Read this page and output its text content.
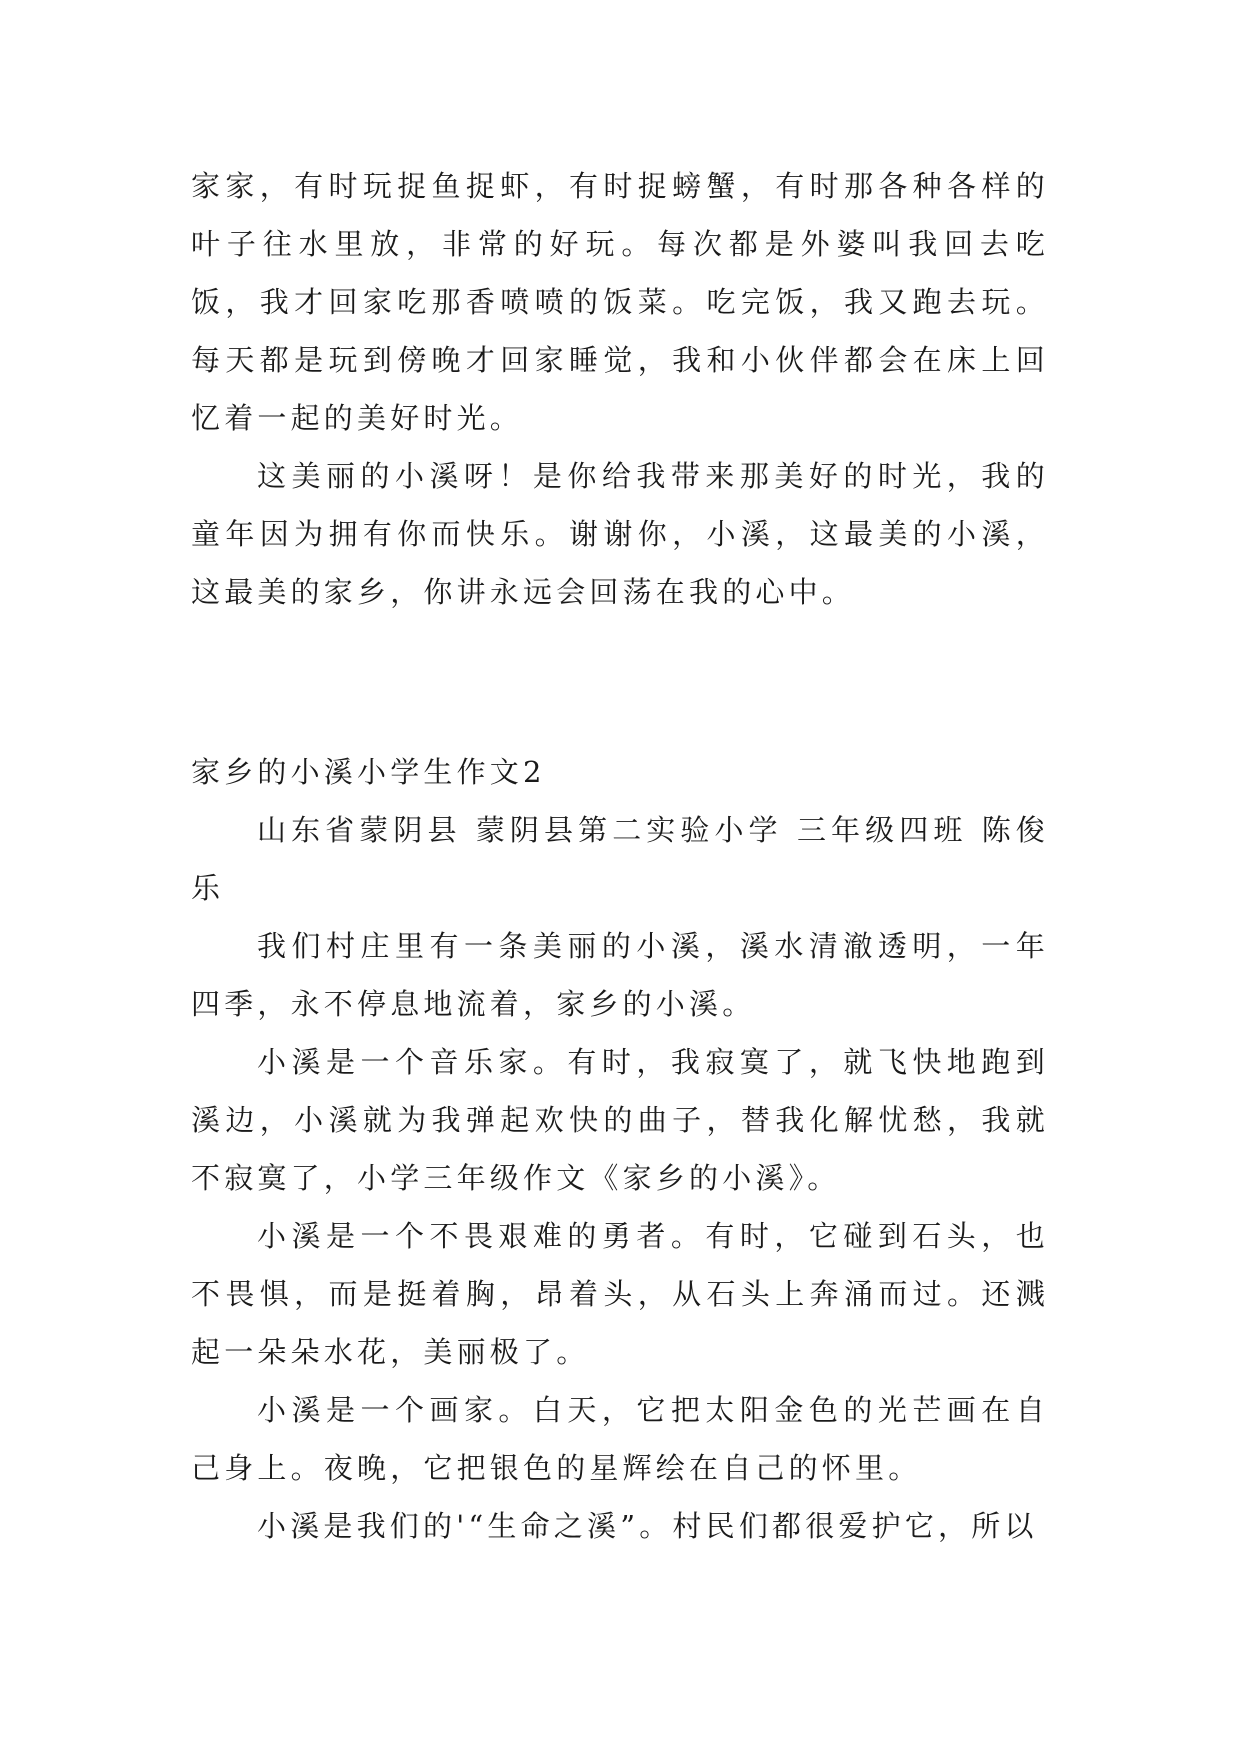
家家，有时玩捉鱼捉虾，有时捉螃蟹，有时那各种各样的叶子往水里放，非常的好玩。每次都是外婆叫我回去吃饭，我才回家吃那香喷喷的饭菜。吃完饭，我又跑去玩。每天都是玩到傍晚才回家睡觉，我和小伙伴都会在床上回忆着一起的美好时光。

这美丽的小溪呀！是你给我带来那美好的时光，我的童年因为拥有你而快乐。谢谢你，小溪，这最美的小溪，这最美的家乡，你讲永远会回荡在我的心中。

家乡的小溪小学生作文2

山东省蒙阴县 蒙阴县第二实验小学 三年级四班 陈俊乐

我们村庄里有一条美丽的小溪，溪水清澈透明，一年四季，永不停息地流着，家乡的小溪。

小溪是一个音乐家。有时，我寂寞了，就飞快地跑到溪边，小溪就为我弹起欢快的曲子，替我化解忧愁，我就不寂寞了，小学三年级作文《家乡的小溪》。

小溪是一个不畏艰难的勇者。有时，它碰到石头，也不畏惧，而是挺着胸，昂着头，从石头上奔涌而过。还溅起一朵朵水花，美丽极了。

小溪是一个画家。白天，它把太阳金色的光芒画在自己身上。夜晚，它把银色的星辉绘在自己的怀里。

小溪是我们的'“生命之溪”。村民们都很爱护它，所以
